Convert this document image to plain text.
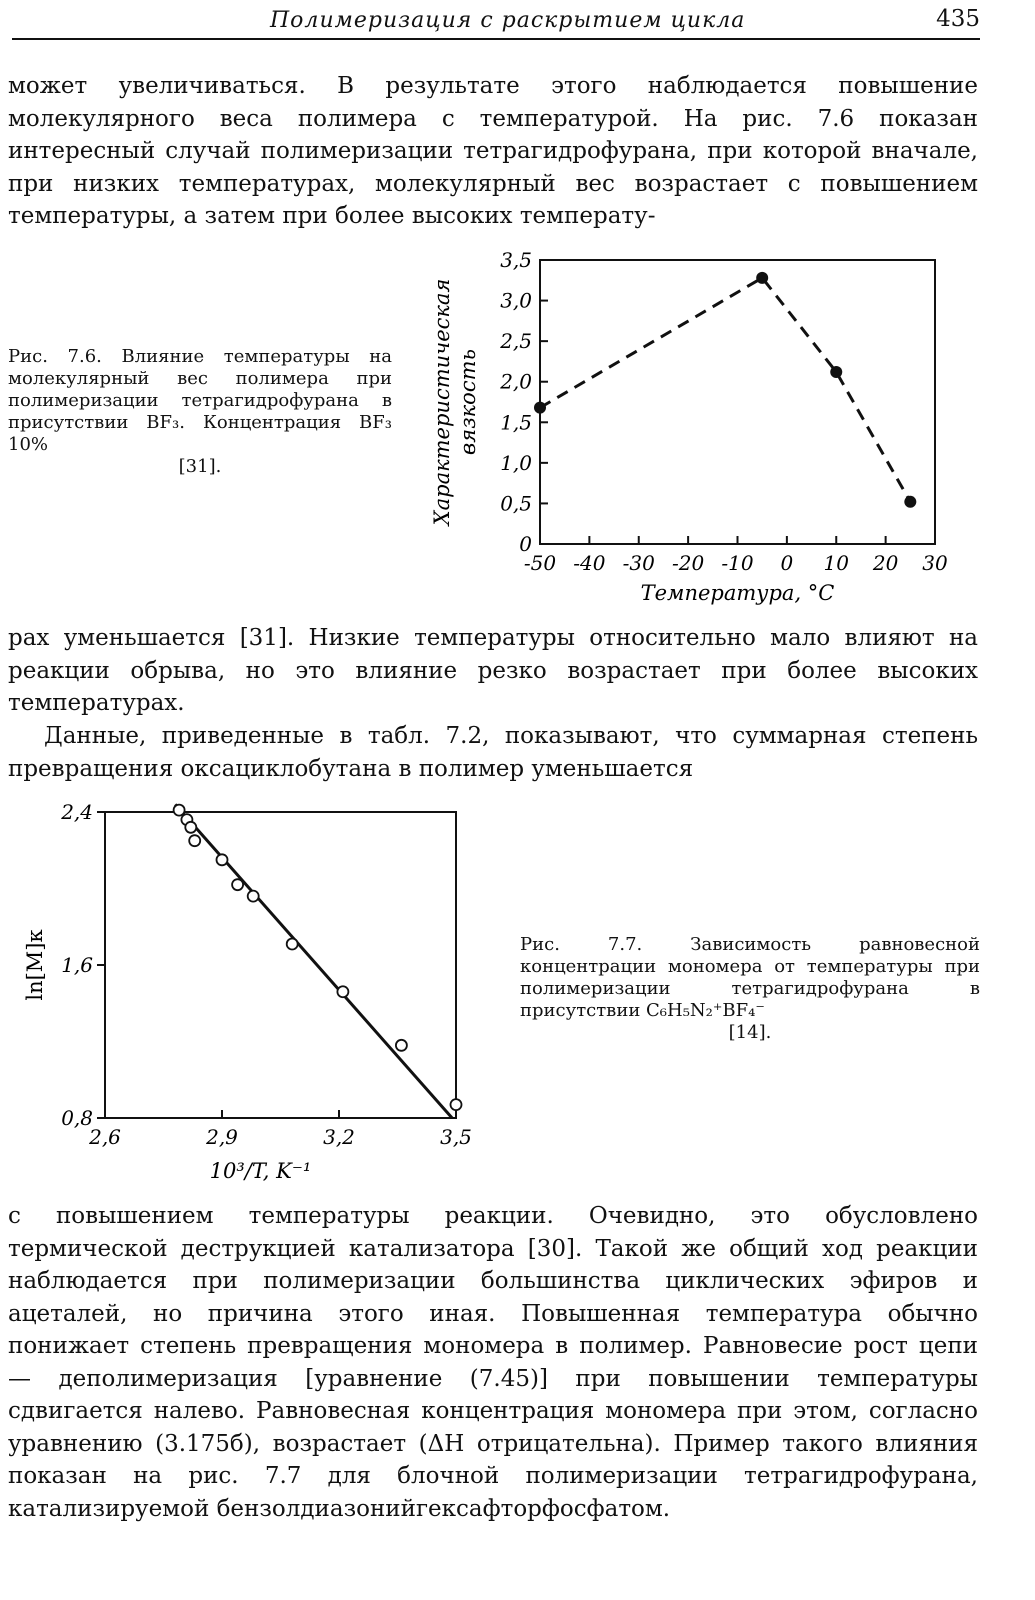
Полимеризация с раскрытием цикла	435

может увеличиваться. В результате этого наблюдается повышение молекулярного веса полимера с температурой. На рис. 7.6 показан интересный случай полимеризации тетрагидрофурана, при которой вначале, при низких температурах, молекулярный вес возрастает с повышением температуры, а затем при более высоких температу-

Рис. 7.6. Влияние температуры на молекулярный вес полимера при полимеризации тетрагидрофурана в присутствии BF₃. Концентрация BF₃ 10%
[31].
0
0,5
1,0
1,5
2,0
2,5
3,0
3,5
-50 -40 -30 -20 -10 0 10 20 30
Температура, °C
Характеристическаявязкость

рах уменьшается [31]. Низкие температуры относительно мало влияют на реакции обрыва, но это влияние резко возрастает при более высоких температурах.

Данные, приведенные в табл. 7.2, показывают, что суммарная степень превращения оксациклобутана в полимер уменьшается

0,8
1,6
2,4
2,6	2,9	3,2	3,5
10³/T, K⁻¹
ln[M]к	Рис. 7.7. Зависимость равновесной концентрации мономера от температуры при полимеризации тетрагидрофурана в присутствии C₆H₅N₂⁺BF₄⁻
[14].

с повышением температуры реакции. Очевидно, это обусловлено термической деструкцией катализатора [30]. Такой же общий ход реакции наблюдается при полимеризации большинства циклических эфиров и ацеталей, но причина этого иная. Повышенная температура обычно понижает степень превращения мономера в полимер. Равновесие рост цепи — деполимеризация [уравнение (7.45)] при повышении температуры сдвигается налево. Равновесная концентрация мономера при этом, согласно уравнению (3.175б), возрастает (ΔH отрицательна). Пример такого влияния показан на рис. 7.7 для блочной полимеризации тетрагидрофурана, катализируемой бензолдиазонийгексафторфосфатом.
